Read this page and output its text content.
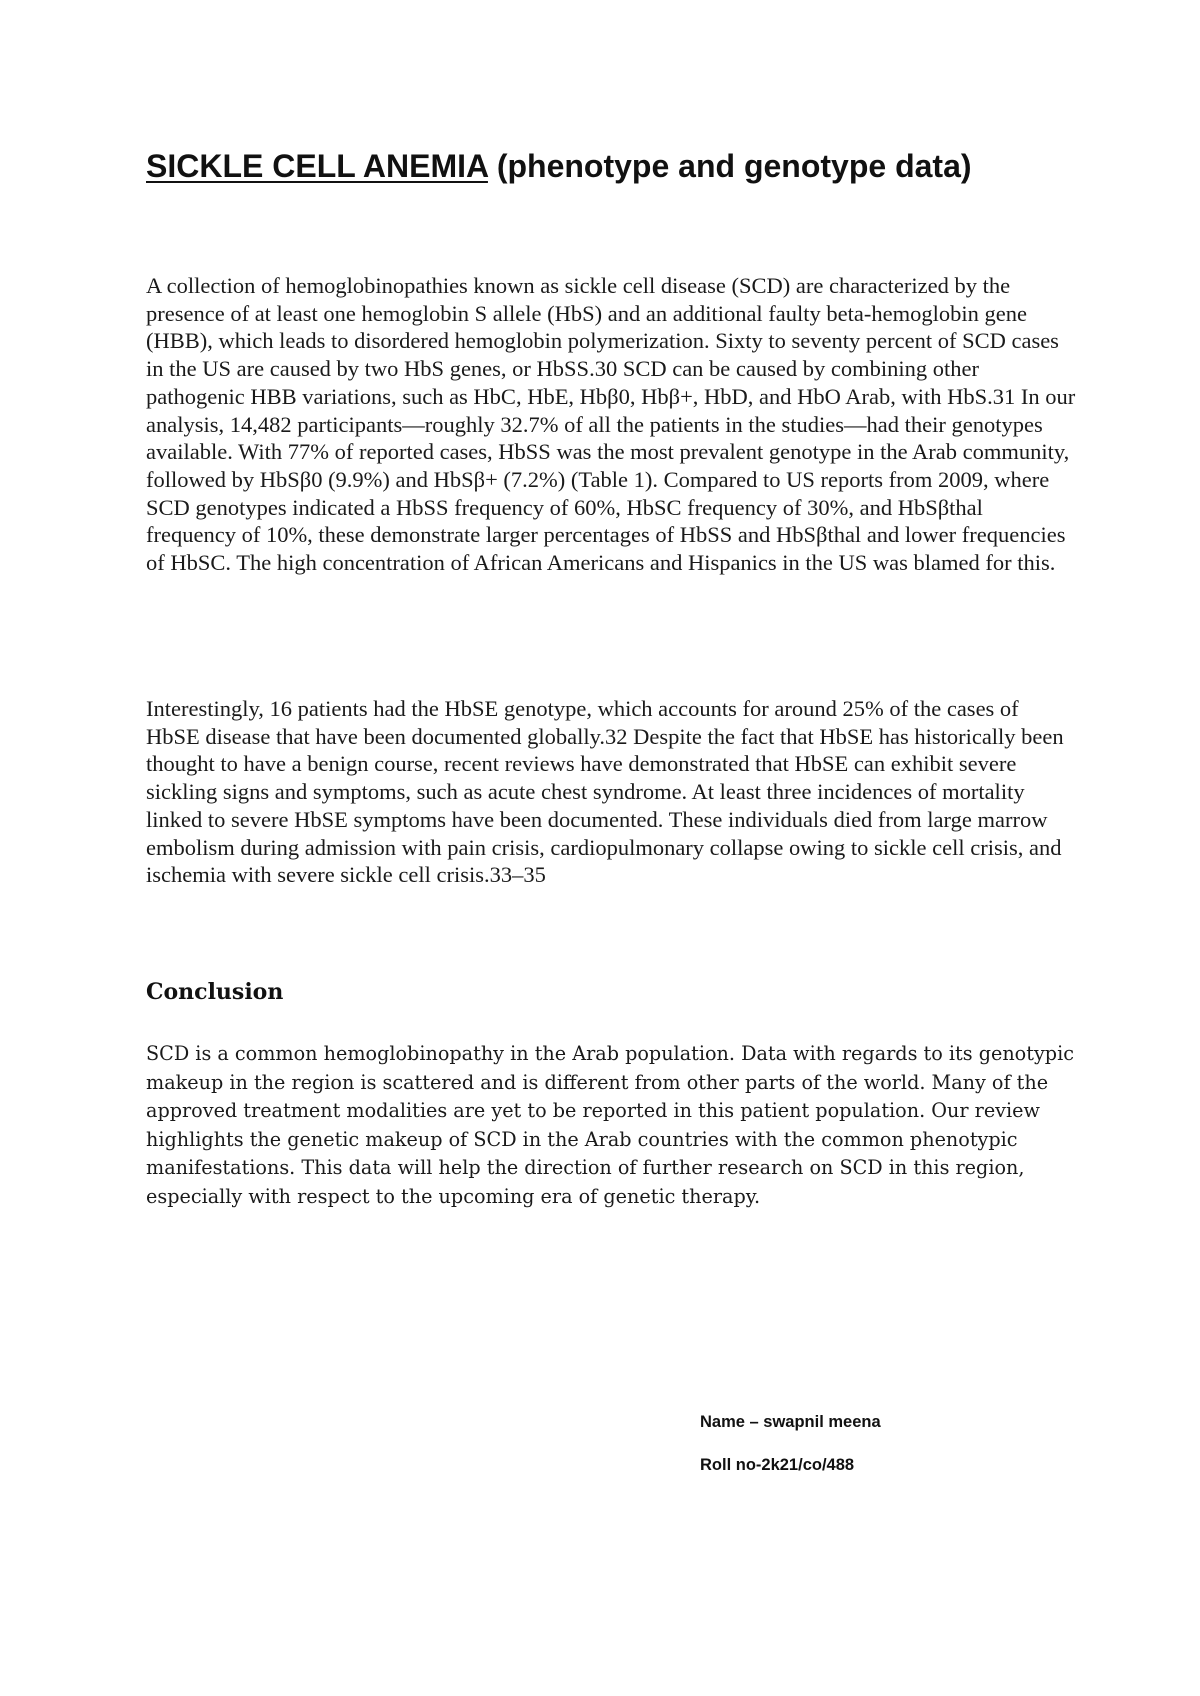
SICKLE CELL ANEMIA (phenotype and genotype data)

A collection of hemoglobinopathies known as sickle cell disease (SCD) are characterized by the presence of at least one hemoglobin S allele (HbS) and an additional faulty beta-hemoglobin gene (HBB), which leads to disordered hemoglobin polymerization. Sixty to seventy percent of SCD cases in the US are caused by two HbS genes, or HbSS.30 SCD can be caused by combining other pathogenic HBB variations, such as HbC, HbE, Hbβ0, Hbβ+, HbD, and HbO Arab, with HbS.31 In our analysis, 14,482 participants—roughly 32.7% of all the patients in the studies—had their genotypes available. With 77% of reported cases, HbSS was the most prevalent genotype in the Arab community, followed by HbSβ0 (9.9%) and HbSβ+ (7.2%) (Table 1). Compared to US reports from 2009, where SCD genotypes indicated a HbSS frequency of 60%, HbSC frequency of 30%, and HbSβthal frequency of 10%, these demonstrate larger percentages of HbSS and HbSβthal and lower frequencies of HbSC. The high concentration of African Americans and Hispanics in the US was blamed for this.

Interestingly, 16 patients had the HbSE genotype, which accounts for around 25% of the cases of HbSE disease that have been documented globally.32 Despite the fact that HbSE has historically been thought to have a benign course, recent reviews have demonstrated that HbSE can exhibit severe sickling signs and symptoms, such as acute chest syndrome. At least three incidences of mortality linked to severe HbSE symptoms have been documented. These individuals died from large marrow embolism during admission with pain crisis, cardiopulmonary collapse owing to sickle cell crisis, and ischemia with severe sickle cell crisis.33–35

Conclusion

SCD is a common hemoglobinopathy in the Arab population. Data with regards to its genotypic makeup in the region is scattered and is different from other parts of the world. Many of the approved treatment modalities are yet to be reported in this patient population. Our review highlights the genetic makeup of SCD in the Arab countries with the common phenotypic manifestations. This data will help the direction of further research on SCD in this region, especially with respect to the upcoming era of genetic therapy.

Name – swapnil meena

Roll no-2k21/co/488
